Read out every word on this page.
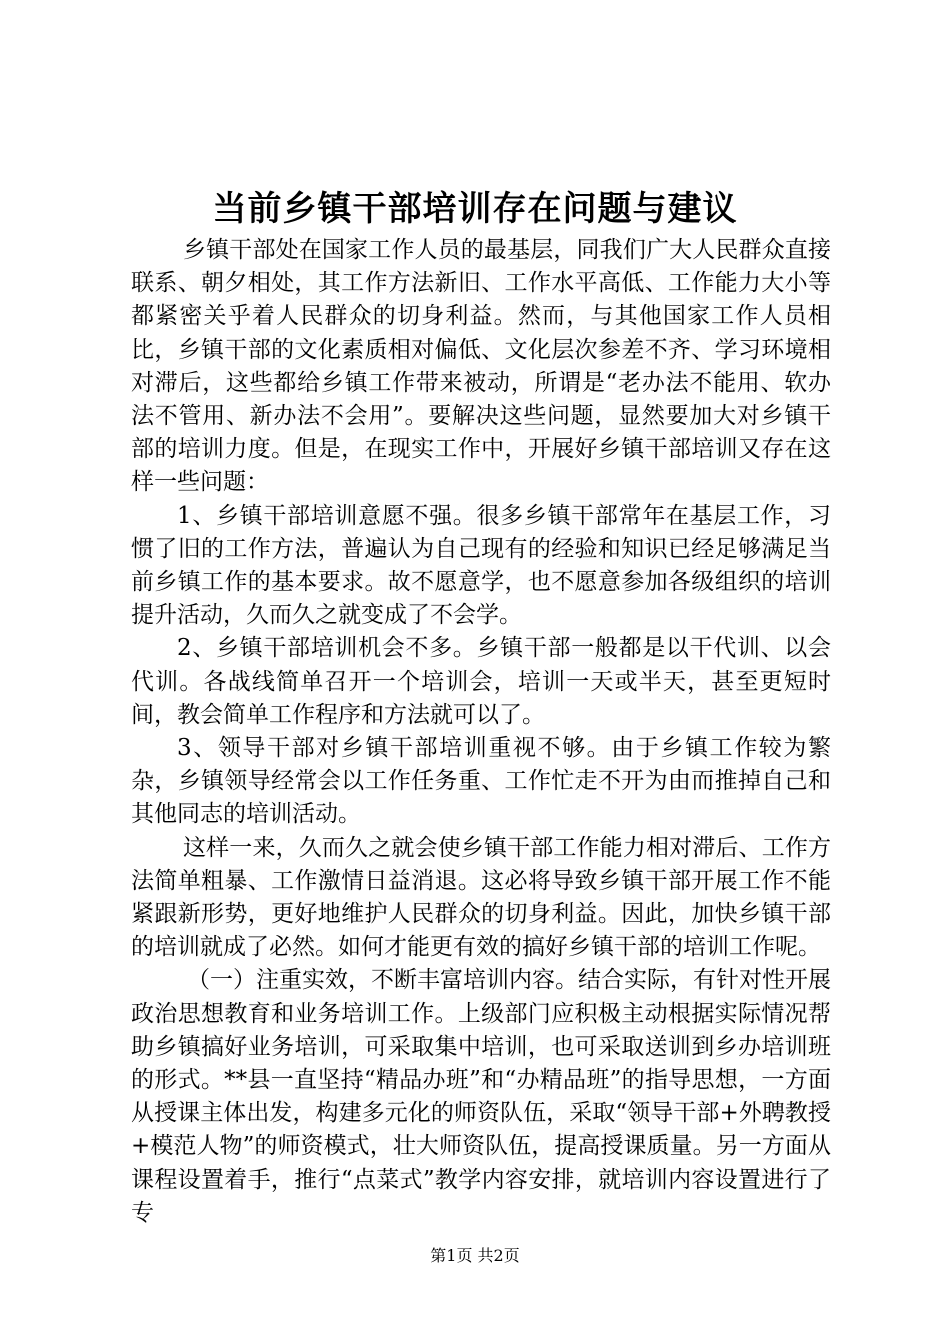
当前乡镇干部培训存在问题与建议

乡镇干部处在国家工作人员的最基层，同我们广大人民群众直接联系、朝夕相处，其工作方法新旧、工作水平高低、工作能力大小等都紧密关乎着人民群众的切身利益。然而，与其他国家工作人员相比，乡镇干部的文化素质相对偏低、文化层次参差不齐、学习环境相对滞后，这些都给乡镇工作带来被动，所谓是“老办法不能用、软办法不管用、新办法不会用”。要解决这些问题，显然要加大对乡镇干部的培训力度。但是，在现实工作中，开展好乡镇干部培训又存在这样一些问题：

1、乡镇干部培训意愿不强。很多乡镇干部常年在基层工作，习惯了旧的工作方法，普遍认为自己现有的经验和知识已经足够满足当前乡镇工作的基本要求。故不愿意学，也不愿意参加各级组织的培训提升活动，久而久之就变成了不会学。

2、乡镇干部培训机会不多。乡镇干部一般都是以干代训、以会代训。各战线简单召开一个培训会，培训一天或半天，甚至更短时间，教会简单工作程序和方法就可以了。

3、领导干部对乡镇干部培训重视不够。由于乡镇工作较为繁杂，乡镇领导经常会以工作任务重、工作忙走不开为由而推掉自己和其他同志的培训活动。

这样一来，久而久之就会使乡镇干部工作能力相对滞后、工作方法简单粗暴、工作激情日益消退。这必将导致乡镇干部开展工作不能紧跟新形势，更好地维护人民群众的切身利益。因此，加快乡镇干部的培训就成了必然。如何才能更有效的搞好乡镇干部的培训工作呢。

（一）注重实效，不断丰富培训内容。结合实际，有针对性开展政治思想教育和业务培训工作。上级部门应积极主动根据实际情况帮助乡镇搞好业务培训，可采取集中培训，也可采取送训到乡办培训班的形式。**县一直坚持“精品办班”和“办精品班”的指导思想，一方面从授课主体出发，构建多元化的师资队伍，采取“领导干部+外聘教授+模范人物”的师资模式，壮大师资队伍，提高授课质量。另一方面从课程设置着手，推行“点菜式”教学内容安排，就培训内容设置进行了专

第1页 共2页
